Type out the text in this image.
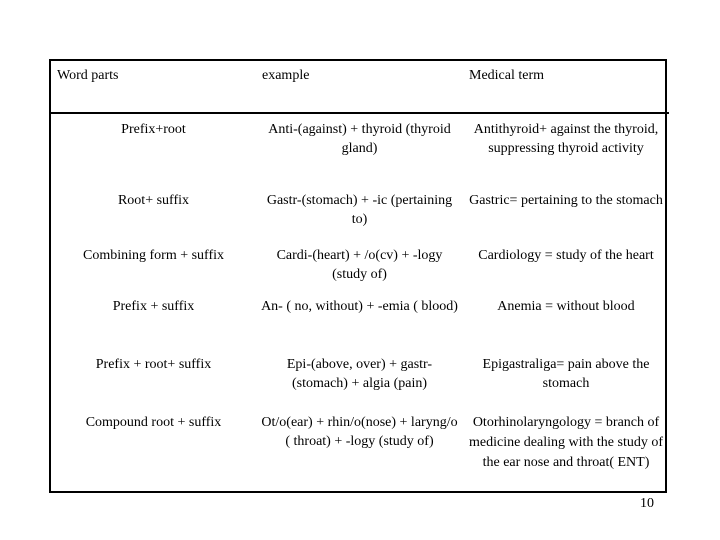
Word parts	example	Medical term
Prefix+root	Anti-(against) + thyroid (thyroid gland)	Antithyroid+ against the thyroid, suppressing thyroid activity
Root+ suffix	Gastr-(stomach) + -ic (pertaining to)	Gastric= pertaining to the stomach
Combining form + suffix	Cardi-(heart) + /o(cv) + -logy (study of)	Cardiology = study of the heart
Prefix + suffix	An- ( no, without) + -emia ( blood)	Anemia = without blood
Prefix + root+ suffix	Epi-(above, over) + gastr-(stomach) + algia (pain)	Epigastraliga= pain above the stomach
Compound root + suffix	Ot/o(ear) + rhin/o(nose) + laryng/o ( throat) + -logy (study of)	Otorhinolaryngology = branch of medicine dealing with the study of the ear nose and throat( ENT)
10
